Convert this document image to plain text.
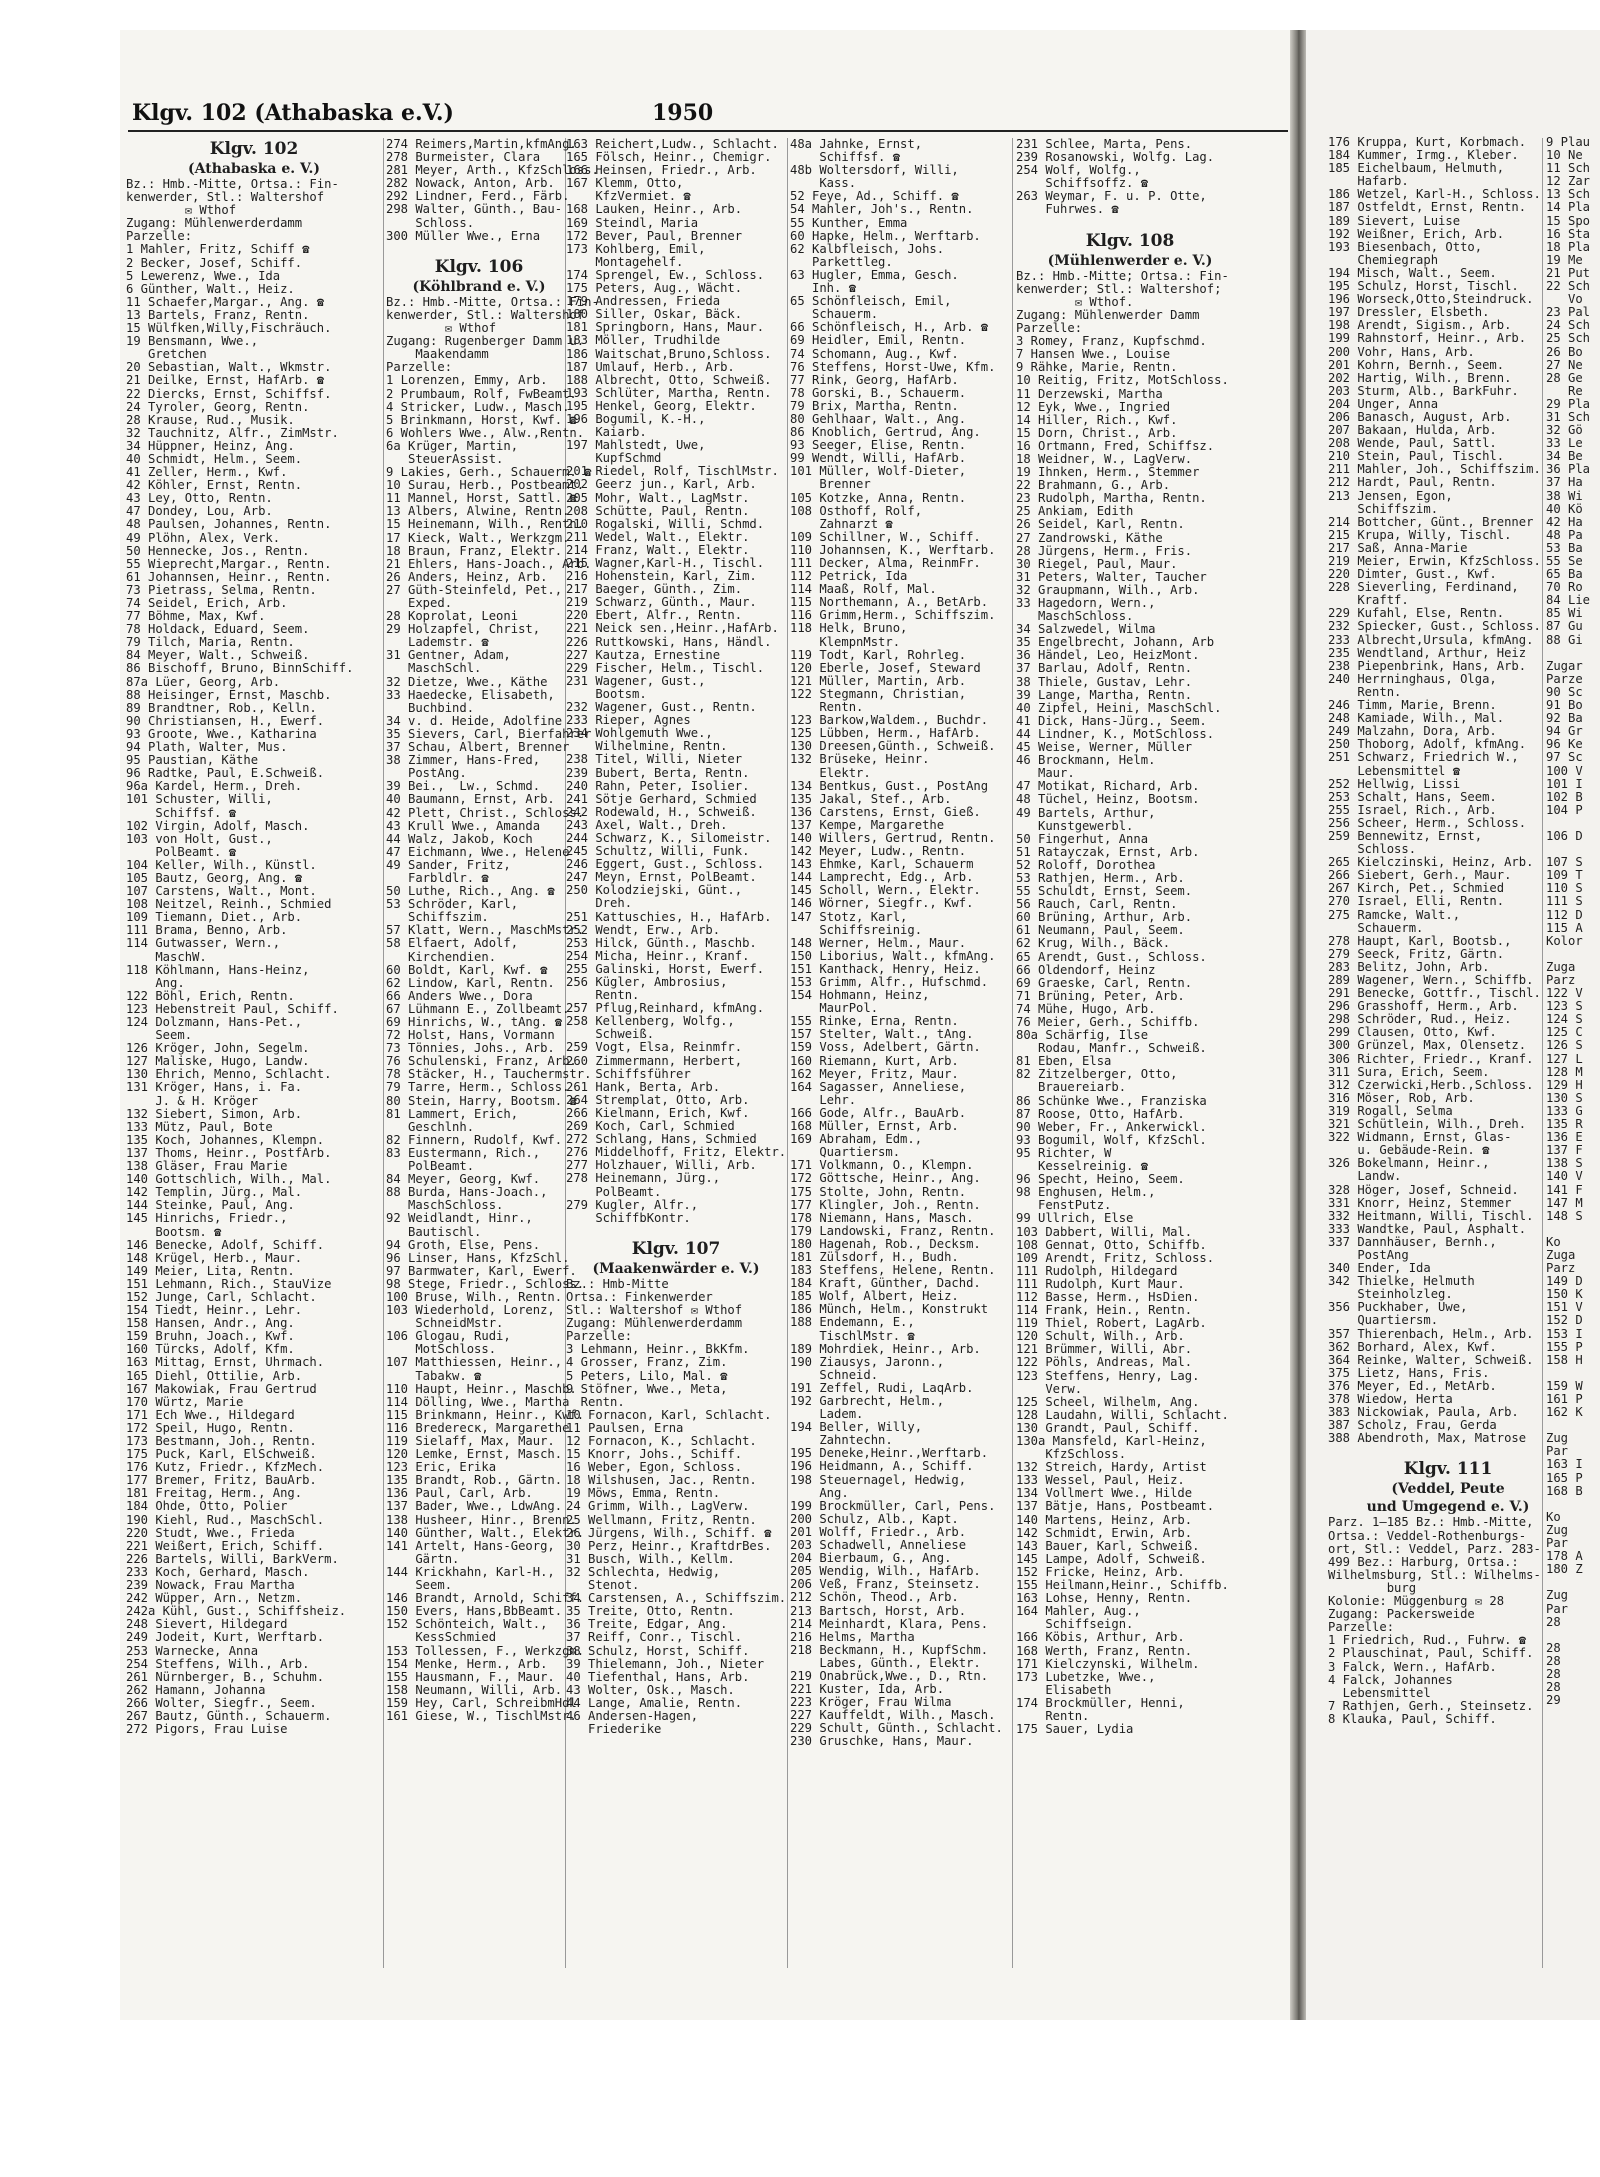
Klgv. 102 (Athabaska e.V.)	1950
Klgv. 102
(Athabaska e. V.)
Bz.: Hmb.-Mitte, Ortsa.: Fin-
kenwerder, Stl.: Waltershof
✉ Wthof
Zugang: Mühlenwerderdamm
Parzelle:
1 Mahler, Fritz, Schiff ☎
2 Becker, Josef, Schiff.
5 Lewerenz, Wwe., Ida
6 Günther, Walt., Heiz.
11 Schaefer,Margar., Ang. ☎
13 Bartels, Franz, Rentn.
15 Wülfken,Willy,Fischräuch.
19 Bensmann, Wwe.,
Gretchen
20 Sebastian, Walt., Wkmstr.
21 Deilke, Ernst, HafArb. ☎
22 Diercks, Ernst, Schiffsf.
24 Tyroler, Georg, Rentn.
28 Krause, Rud., Musik.
32 Tauchnitz, Alfr., ZimMstr.
34 Hüppner, Heinz, Ang.
40 Schmidt, Helm., Seem.
41 Zeller, Herm., Kwf.
42 Köhler, Ernst, Rentn.
43 Ley, Otto, Rentn.
47 Dondey, Lou, Arb.
48 Paulsen, Johannes, Rentn.
49 Plöhn, Alex, Verk.
50 Hennecke, Jos., Rentn.
55 Wieprecht,Margar., Rentn.
61 Johannsen, Heinr., Rentn.
73 Pietrass, Selma, Rentn.
74 Seidel, Erich, Arb.
77 Böhme, Max, Kwf.
78 Holdack, Eduard, Seem.
79 Tilch, Maria, Rentn.
84 Meyer, Walt., Schweiß.
86 Bischoff, Bruno, BinnSchiff.
87a Lüer, Georg, Arb.
88 Heisinger, Ernst, Maschb.
89 Brandtner, Rob., Kelln.
90 Christiansen, H., Ewerf.
93 Groote, Wwe., Katharina
94 Plath, Walter, Mus.
95 Paustian, Käthe
96 Radtke, Paul, E.Schweiß.
96a Kardel, Herm., Dreh.
101 Schuster, Willi,
Schiffsf. ☎
102 Virgin, Adolf, Masch.
103 von Holt, Gust.,
PolBeamt. ☎
104 Keller, Wilh., Künstl.
105 Bautz, Georg, Ang. ☎
107 Carstens, Walt., Mont.
108 Neitzel, Reinh., Schmied
109 Tiemann, Diet., Arb.
111 Brama, Benno, Arb.
114 Gutwasser, Wern.,
MaschW.
118 Köhlmann, Hans-Heinz,
Ang.
122 Böhl, Erich, Rentn.
123 Hebenstreit Paul, Schiff.
124 Dolzmann, Hans-Pet.,
Seem.
126 Kröger, John, Segelm.
127 Maliske, Hugo, Landw.
130 Ehrich, Menno, Schlacht.
131 Kröger, Hans, i. Fa.
J. & H. Kröger
132 Siebert, Simon, Arb.
133 Mütz, Paul, Bote
135 Koch, Johannes, Klempn.
137 Thoms, Heinr., PostfArb.
138 Gläser, Frau Marie
140 Gottschlich, Wilh., Mal.
142 Templin, Jürg., Mal.
144 Steinke, Paul, Ang.
145 Hinrichs, Friedr.,
Bootsm. ☎
146 Benecke, Adolf, Schiff.
148 Krügel, Herb., Maur.
149 Meier, Lita, Rentn.
151 Lehmann, Rich., StauVize
152 Junge, Carl, Schlacht.
154 Tiedt, Heinr., Lehr.
158 Hansen, Andr., Ang.
159 Bruhn, Joach., Kwf.
160 Türcks, Adolf, Kfm.
163 Mittag, Ernst, Uhrmach.
165 Diehl, Ottilie, Arb.
167 Makowiak, Frau Gertrud
170 Würtz, Marie
171 Ech Wwe., Hildegard
172 Speil, Hugo, Rentn.
173 Bestmann, Joh., Rentn.
175 Puck, Karl, ElSchweiß.
176 Kutz, Friedr., KfzMech.
177 Bremer, Fritz, BauArb.
181 Freitag, Herm., Ang.
184 Ohde, Otto, Polier
190 Kiehl, Rud., MaschSchl.
220 Studt, Wwe., Frieda
221 Weißert, Erich, Schiff.
226 Bartels, Willi, BarkVerm.
233 Koch, Gerhard, Masch.
239 Nowack, Frau Martha
242 Wüpper, Arn., Netzm.
242a Kühl, Gust., Schiffsheiz.
248 Sievert, Hildegard
249 Jodeit, Kurt, Werftarb.
253 Warnecke, Anna
254 Steffens, Wilh., Arb.
261 Nürnberger, B., Schuhm.
262 Hamann, Johanna
266 Wolter, Siegfr., Seem.
267 Bautz, Günth., Schauerm.
272 Pigors, Frau Luise
274 Reimers,Martin,kfmAng.
278 Burmeister, Clara
281 Meyer, Arth., KfzSchloss.
282 Nowack, Anton, Arb.
292 Lindner, Ferd., Färb.
298 Walter, Günth., Bau-
Schloss.
300 Müller Wwe., Erna

Klgv. 106
(Köhlbrand e. V.)
Bz.: Hmb.-Mitte, Ortsa.: Fin-
kenwerder, Stl.: Waltershof
✉ Wthof
Zugang: Rugenberger Damm u.
Maakendamm
Parzelle:
1 Lorenzen, Emmy, Arb.
2 Prumbaum, Rolf, FwBeamt.
4 Stricker, Ludw., Masch.
5 Brinkmann, Horst, Kwf. ☎
6 Wohlers Wwe., Alw.,Rentn.
6a Krüger, Martin,
SteuerAssist.
9 Lakies, Gerh., Schauerm. ☎
10 Surau, Herb., Postbeamt.
11 Mannel, Horst, Sattl. ☎
13 Albers, Alwine, Rentn.
15 Heinemann, Wilh., Rentn.
17 Kieck, Walt., Werkzgm.
18 Braun, Franz, Elektr.
21 Ehlers, Hans-Joach., Arb.
26 Anders, Heinz, Arb.
27 Güth-Steinfeld, Pet.,
Exped.
28 Koprolat, Leoni
29 Holzapfel, Christ,
Lademstr. ☎
31 Gentner, Adam,
MaschSchl.
32 Dietze, Wwe., Käthe
33 Haedecke, Elisabeth,
Buchbind.
34 v. d. Heide, Adolfine
35 Sievers, Carl, Bierfahrer
37 Schau, Albert, Brenner
38 Zimmer, Hans-Fred,
PostAng.
39 Bei.,  Lw., Schmd.
40 Baumann, Ernst, Arb.
42 Plett, Christ., Schloss.
43 Krull Wwe., Amanda
44 Walz, Jakob, Koch
47 Eichmann, Wwe., Helene
49 Sander, Fritz,
Farbldlr. ☎
50 Luthe, Rich., Ang. ☎
53 Schröder, Karl,
Schiffszim.
57 Klatt, Wern., MaschMstr.
58 Elfaert, Adolf,
Kirchendien.
60 Boldt, Karl, Kwf. ☎
62 Lindow, Karl, Rentn.
66 Anders Wwe., Dora
67 Lühmann E., Zollbeamt.
69 Hinrichs, W., tAng. ☎
72 Holst, Hans, Vormann
73 Tönnies, Johs., Arb.
76 Schulenski, Franz, Arb.
78 Stäcker, H., Tauchermstr.
79 Tarre, Herm., Schloss.
80 Stein, Harry, Bootsm. ☎
81 Lammert, Erich,
Geschlnh.
82 Finnern, Rudolf, Kwf.
83 Eustermann, Rich.,
PolBeamt.
84 Meyer, Georg, Kwf.
88 Burda, Hans-Joach.,
MaschSchloss.
92 Weidlandt, Hinr.,
Bautischl.
94 Groth, Else, Pens.
96 Linser, Hans, KfzSchl.
97 Barmwater, Karl, Ewerf.
98 Stege, Friedr., Schloss.
100 Bruse, Wilh., Rentn.
103 Wiederhold, Lorenz,
SchneidMstr.
106 Glogau, Rudi,
MotSchloss.
107 Matthiessen, Heinr.,
Tabakw. ☎
110 Haupt, Heinr., Maschb.
114 Dölling, Wwe., Martha
115 Brinkmann, Heinr., Kwf.
116 Brederecк, Margarethe
119 Sielaff, Max, Maur.
120 Lemke, Ernst, Masch.
123 Eric, Erika
135 Brandt, Rob., Gärtn.
136 Paul, Carl, Arb.
137 Bader, Wwe., LdwAng.
138 Husheer, Hinr., Brenn.
140 Günther, Walt., Elektr.
141 Artelt, Hans-Georg,
Gärtn.
144 Krickhahn, Karl-H.,
Seem.
146 Brandt, Arnold, Schiff.
150 Evers, Hans,BbBeamt.
152 Schönteich, Walt.,
KessSchmied
153 Tollessen, F., Werkzgm.
154 Menke, Herm., Arb.
155 Hausmann, F., Maur.
158 Neumann, Willi, Arb.
159 Hey, Carl, SchreibmHdl
161 Giese, W., TischlMstr.
163 Reichert,Ludw., Schlacht.
165 Fölsch, Heinr., Chemigr.
166 Heinsen, Friedr., Arb.
167 Klemm, Otto,
KfzVermiet. ☎
168 Lauken, Heinr., Arb.
169 Steindl, Maria
172 Bever, Paul, Brenner
173 Kohlberg, Emil,
Montagehelf.
174 Sprengel, Ew., Schloss.
175 Peters, Aug., Wächt.
179 Andressen, Frieda
180 Siller, Oskar, Bäck.
181 Springborn, Hans, Maur.
183 Möller, Trudhilde
186 Waitschat,Bruno,Schloss.
187 Umlauf, Herb., Arb.
188 Albrecht, Otto, Schweiß.
193 Schlüter, Martha, Rentn.
195 Henkel, Georg, Elektr.
196 Bogumil, K.-H.,
Kaiarb.
197 Mahlstedt, Uwe,
KupfSchmd
201 Riedel, Rolf, TischlMstr.
202 Geerz jun., Karl, Arb.
205 Mohr, Walt., LagMstr.
208 Schütte, Paul, Rentn.
210 Rogalski, Willi, Schmd.
211 Wedel, Walt., Elektr.
214 Franz, Walt., Elektr.
215 Wagner,Karl-H., Tischl.
216 Hohenstein, Karl, Zim.
217 Baeger, Günth., Zim.
219 Schwarz, Günth., Maur.
220 Ebert, Alfr., Rentn.
221 Neick sen.,Heinr.,HafArb.
226 Ruttkowski, Hans, Händl.
227 Kautza, Ernestine
229 Fischer, Helm., Tischl.
231 Wagener, Gust.,
Bootsm.
232 Wagener, Gust., Rentn.
233 Rieper, Agnes
234 Wohlgemuth Wwe.,
Wilhelmine, Rentn.
238 Titel, Willi, Nieter
239 Bubert, Berta, Rentn.
240 Rahn, Peter, Isolier.
241 Sötje Gerhard, Schmied
242 Rodewald, H., Schweiß.
243 Axel, Walt., Dreh.
244 Schwarz, K., Silomeistr.
245 Schultz, Willi, Funk.
246 Eggert, Gust., Schloss.
247 Meyn, Ernst, PolBeamt.
250 Kolodziejski, Günt.,
Dreh.
251 Kattuschies, H., HafArb.
252 Wendt, Erw., Arb.
253 Hilck, Günth., Maschb.
254 Micha, Heinr., Kranf.
255 Galinski, Horst, Ewerf.
256 Kügler, Ambrosius,
Rentn.
257 Pflug,Reinhard, kfmAng.
258 Kellenberg, Wolfg.,
Schweiß.
259 Vogt, Elsa, Reinmfr.
260 Zimmermann, Herbert,
Schiffsführer
261 Hank, Berta, Arb.
264 Stremplat, Otto, Arb.
266 Kielmann, Erich, Kwf.
269 Koch, Carl, Schmied
272 Schlang, Hans, Schmied
276 Middelhoff, Fritz, Elektr.
277 Holzhauer, Willi, Arb.
278 Heinemann, Jürg.,
PolBeamt.
279 Kugler, Alfr.,
SchiffbKontr.

Klgv. 107
(Maakenwärder e. V.)
Bz.: Hmb-Mitte
Ortsa.: Finkenwerder
Stl.: Waltershof ✉ Wthof
Zugang: Mühlenwerderdamm
Parzelle:
3 Lehmann, Heinr., BkKfm.
4 Grosser, Franz, Zim.
5 Peters, Lilo, Mal. ☎
9 Stöfner, Wwe., Meta,
Rentn.
10 Fornacon, Karl, Schlacht.
11 Paulsen, Erna
12 Fornacon, K., Schlacht.
15 Knorr, Johs., Schiff.
16 Weber, Egon, Schloss.
18 Wilshusen, Jac., Rentn.
19 Möws, Emma, Rentn.
24 Grimm, Wilh., LagVerw.
25 Wellmann, Fritz, Rentn.
26 Jürgens, Wilh., Schiff. ☎
30 Perz, Heinr., KraftdrBes.
31 Busch, Wilh., Kellm.
32 Schlechta, Hedwig,
Stenot.
34 Carstensen, A., Schiffszim.
35 Treite, Otto, Rentn.
36 Treite, Edgar, Ang.
37 Reiff, Conr., Tischl.
38 Schulz, Horst, Schiff.
39 Thielemann, Joh., Nieter
40 Tiefenthal, Hans, Arb.
43 Wolter, Osk., Masch.
44 Lange, Amalie, Rentn.
46 Andersen-Hagen,
Friederike
48a Jahnke, Ernst,
Schiffsf. ☎
48b Woltersdorf, Willi,
Kass.
52 Feye, Ad., Schiff. ☎
54 Mahler, Joh's., Rentn.
55 Kunther, Emma
60 Hapke, Helm., Werftarb.
62 Kalbfleisch, Johs.
Parkettleg.
63 Hugler, Emma, Gesch.
Inh. ☎
65 Schönfleisch, Emil,
Schauerm.
66 Schönfleisch, H., Arb. ☎
69 Heidler, Emil, Rentn.
74 Schomann, Aug., Kwf.
76 Steffens, Horst-Uwe, Kfm.
77 Rink, Georg, HafArb.
78 Gorski, B., Schauerm.
79 Brix, Martha, Rentn.
80 Gehlhaar, Walt., Ang.
86 Knoblich, Gertrud, Ang.
93 Seeger, Elise, Rentn.
99 Wendt, Willi, HafArb.
101 Müller, Wolf-Dieter,
Brenner
105 Kotzke, Anna, Rentn.
108 Osthoff, Rolf,
Zahnarzt ☎
109 Schillner, W., Schiff.
110 Johannsen, K., Werftarb.
111 Decker, Alma, ReinmFr.
112 Petrick, Ida
114 Maaß, Rolf, Mal.
115 Northemann, A., BetArb.
116 Grimm,Herm., Schiffszim.
118 Helk, Bruno,
KlempnMstr.
119 Todt, Karl, Rohrleg.
120 Eberle, Josef, Steward
121 Müller, Martin, Arb.
122 Stegmann, Christian,
Rentn.
123 Barkow,Waldem., Buchdr.
125 Lübben, Herm., HafArb.
130 Dreesen,Günth., Schweiß.
132 Brüseke, Heinr.
Elektr.
134 Bentkus, Gust., PostAng
135 Jakal, Stef., Arb.
136 Carstens, Ernst, Gieß.
137 Kempe, Margarethe
140 Willers, Gertrud, Rentn.
142 Meyer, Ludw., Rentn.
143 Ehmke, Karl, Schauerm
144 Lamprecht, Edg., Arb.
145 Scholl, Wern., Elektr.
146 Wörner, Siegfr., Kwf.
147 Stotz, Karl,
Schiffsreinig.
148 Werner, Helm., Maur.
150 Liborius, Walt., kfmAng.
151 Kanthack, Henry, Heiz.
153 Grimm, Alfr., Hufschmd.
154 Hohmann, Heinz,
MaurPol.
155 Rinke, Erna, Rentn.
157 Stelter, Walt., tAng.
159 Voss, Adelbert, Gärtn.
160 Riemann, Kurt, Arb.
162 Meyer, Fritz, Maur.
164 Sagasser, Anneliese,
Lehr.
166 Gode, Alfr., BauArb.
168 Müller, Ernst, Arb.
169 Abraham, Edm.,
Quartiersm.
171 Volkmann, O., Klempn.
172 Göttsche, Heinr., Ang.
175 Stolte, John, Rentn.
177 Klingler, Joh., Rentn.
178 Niemann, Hans, Masch.
179 Landowski, Franz, Rentn.
180 Hagenah, Rob., Decksm.
181 Zülsdorf, H., Budh.
183 Steffens, Helene, Rentn.
184 Kraft, Günther, Dachd.
185 Wolf, Albert, Heiz.
186 Münch, Helm., Konstrukt
188 Endemann, E.,
TischlMstr. ☎
189 Mohrdiek, Heinr., Arb.
190 Ziausys, Jaronn.,
Schneid.
191 Zeffel, Rudi, LaqArb.
192 Garbrecht, Helm.,
Ladem.
194 Beller, Willy,
Zahntechn.
195 Deneke,Heinr.,Werftarb.
196 Heidmann, A., Schiff.
198 Steuernagel, Hedwig,
Ang.
199 Brockmüller, Carl, Pens.
200 Schulz, Alb., Kapt.
201 Wolff, Friedr., Arb.
203 Schadwell, Anneliese
204 Bierbaum, G., Ang.
205 Wendig, Wilh., HafArb.
206 Veß, Franz, Steinsetz.
212 Schön, Theod., Arb.
213 Bartsch, Horst, Arb.
214 Meinhardt, Klara, Pens.
216 Helms, Martha
218 Beckmann, H., KupfSchm.
Labes, Günth., Elektr.
219 Onabrück,Wwe., D., Rtn.
221 Kuster, Ida, Arb.
223 Kröger, Frau Wilma
227 Kauffeldt, Wilh., Masch.
229 Schult, Günth., Schlacht.
230 Gruschke, Hans, Maur.
231 Schlee, Marta, Pens.
239 Rosanowski, Wolfg. Lag.
254 Wolf, Wolfg.,
Schiffsoffz. ☎
263 Weymar, F. u. P. Otte,
Fuhrwes. ☎

Klgv. 108
(Mühlenwerder e. V.)
Bz.: Hmb.-Mitte; Ortsa.: Fin-
kenwerder; Stl.: Waltershof;
✉ Wthof.
Zugang: Mühlenwerder Damm
Parzelle:
3 Romey, Franz, Kupfschmd.
7 Hansen Wwe., Louise
9 Rähke, Marie, Rentn.
10 Reitig, Fritz, MotSchloss.
11 Derzewski, Martha
12 Eyk, Wwe., Ingried
14 Hiller, Rich., Kwf.
15 Dorn, Christ., Arb.
16 Ortmann, Fred, Schiffsz.
18 Weidner, W., LagVerw.
19 Ihnken, Herm., Stemmer
22 Brahmann, G., Arb.
23 Rudolph, Martha, Rentn.
25 Ankiam, Edith
26 Seidel, Karl, Rentn.
27 Zandrowski, Käthe
28 Jürgens, Herm., Fris.
30 Riegel, Paul, Maur.
31 Peters, Walter, Taucher
32 Graupmann, Wilh., Arb.
33 Hagedorn, Wern.,
MaschSchloss.
34 Salzwedel, Wilma
35 Engelbrecht, Johann, Arb
36 Händel, Leo, HeizMont.
37 Barlau, Adolf, Rentn.
38 Thiele, Gustav, Lehr.
39 Lange, Martha, Rentn.
40 Zipfel, Heini, MaschSchl.
41 Dick, Hans-Jürg., Seem.
44 Lindner, K., MotSchloss.
45 Weise, Werner, Müller
46 Brockmann, Helm.
Maur.
47 Motikat, Richard, Arb.
48 Tüchel, Heinz, Bootsm.
49 Bartels, Arthur,
Kunstgewerbl.
50 Fingerhut, Anna
51 Ratayczak, Ernst, Arb.
52 Roloff, Dorothea
53 Rathjen, Herm., Arb.
55 Schuldt, Ernst, Seem.
56 Rauch, Carl, Rentn.
60 Brüning, Arthur, Arb.
61 Neumann, Paul, Seem.
62 Krug, Wilh., Bäck.
65 Arendt, Gust., Schloss.
66 Oldendorf, Heinz
69 Graeske, Carl, Rentn.
71 Brüning, Peter, Arb.
74 Mühe, Hugo, Arb.
76 Meier, Gerh., Schiffb.
80a Schärfig, Ilse
Rodau, Manfr., Schweiß.
81 Eben, Elsa
82 Zitzelberger, Otto,
Brauereiarb.
86 Schünke Wwe., Franziska
87 Roose, Otto, HafArb.
90 Weber, Fr., Ankerwickl.
93 Bogumil, Wolf, KfzSchl.
95 Richter, W
Kesselreinig. ☎
96 Specht, Heino, Seem.
98 Enghusen, Helm.,
FenstPutz.
99 Ullrich, Else
103 Dabbert, Willi, Mal.
108 Gennat, Otto, Schiffb.
109 Arendt, Fritz, Schloss.
111 Rudolph, Hildegard
111 Rudolph, Kurt Maur.
112 Basse, Herm., HsDien.
114 Frank, Hein., Rentn.
119 Thiel, Robert, LagArb.
120 Schult, Wilh., Arb.
121 Brümmer, Willi, Abr.
122 Pöhls, Andreas, Mal.
123 Steffens, Henry, Lag.
Verw.
125 Scheel, Wilhelm, Ang.
128 Laudahn, Willi, Schlacht.
130 Grandt, Paul, Schiff.
130a Mansfeld, Karl-Heinz,
KfzSchloss.
132 Streich, Hardy, Artist
133 Wessel, Paul, Heiz.
134 Vollmert Wwe., Hilde
137 Bätje, Hans, Postbeamt.
140 Martens, Heinz, Arb.
142 Schmidt, Erwin, Arb.
143 Bauer, Karl, Schweiß.
145 Lampe, Adolf, Schweiß.
152 Fricke, Heinz, Arb.
155 Heilmann,Heinr., Schiffb.
163 Lohse, Henny, Rentn.
164 Mahler, Aug.,
Schiffseign.
166 Köbis, Arthur, Arb.
168 Werth, Franz, Rentn.
171 Kielczynski, Wilhelm.
173 Lubetzke, Wwe.,
Elisabeth
174 Brockmüller, Henni,
Rentn.
175 Sauer, Lydia
176 Kruppa, Kurt, Korbmach.
184 Kummer, Irmg., Kleber.
185 Eichelbaum, Helmuth,
Hafarb.
186 Wetzel, Karl-H., Schloss.
187 Ostfeldt, Ernst, Rentn.
189 Sievert, Luise
192 Weißner, Erich, Arb.
193 Biesenbach, Otto,
Chemiegraph
194 Misch, Walt., Seem.
195 Schulz, Horst, Tischl.
196 Worseck,Otto,Steindruck.
197 Dressler, Elsbeth.
198 Arendt, Sigism., Arb.
199 Rahnstorf, Heinr., Arb.
200 Vohr, Hans, Arb.
201 Kohrn, Bernh., Seem.
202 Hartig, Wilh., Brenn.
203 Sturm, Alb., BarkFuhr.
204 Unger, Anna
206 Banasch, August, Arb.
207 Bakaan, Hulda, Arb.
208 Wende, Paul, Sattl.
210 Stein, Paul, Tischl.
211 Mahler, Joh., Schiffszim.
212 Hardt, Paul, Rentn.
213 Jensen, Egon,
Schiffszim.
214 Bottcher, Günt., Brenner
215 Krupa, Willy, Tischl.
217 Saß, Anna-Marie
219 Meier, Erwin, KfzSchloss.
220 Dimter, Gust., Kwf.
228 Sieverling, Ferdinand,
Kraftf.
229 Kufahl, Else, Rentn.
232 Spiecker, Gust., Schloss.
233 Albrecht,Ursula, kfmAng.
235 Wendtland, Arthur, Heiz
238 Piepenbrink, Hans, Arb.
240 Herrninghaus, Olga,
Rentn.
246 Timm, Marie, Brenn.
248 Kamiade, Wilh., Mal.
249 Malzahn, Dora, Arb.
250 Thoborg, Adolf, kfmAng.
251 Schwarz, Friedrich W.,
Lebensmittel ☎
252 Hellwig, Lissi
253 Schalt, Hans, Seem.
255 Israel, Rich., Arb.
256 Scheer, Herm., Schloss.
259 Bennewitz, Ernst,
Schloss.
265 Kielczinski, Heinz, Arb.
266 Siebert, Gerh., Maur.
267 Kirch, Pet., Schmied
270 Israel, Elli, Rentn.
275 Ramcke, Walt.,
Schauerm.
278 Haupt, Karl, Bootsb.,
279 Seeck, Fritz, Gärtn.
283 Belitz, John, Arb.
289 Wagener, Wern., Schiffb.
291 Benecke, Gottfr., Tischl.
296 Grasshoff, Herm., Arb.
298 Schröder, Rud., Heiz.
299 Clausen, Otto, Kwf.
300 Grünzel, Max, Olensetz.
306 Richter, Friedr., Kranf.
311 Sura, Erich, Seem.
312 Czerwicki,Herb.,Schloss.
316 Möser, Rob, Arb.
319 Rogall, Selma
321 Schütlein, Wilh., Dreh.
322 Widmann, Ernst, Glas-
u. Gebäude-Rein. ☎
326 Bokelmann, Heinr.,
Landw.
328 Höger, Josef, Schneid.
331 Knorr, Heinz, Stemmer
332 Heitmann, Willi, Tischl.
333 Wandtke, Paul, Asphalt.
337 Dannhäuser, Bernh.,
PostAng
340 Ender, Ida
342 Thielke, Helmuth
Steinholzleg.
356 Puckhaber, Uwe,
Quartiersm.
357 Thierenbach, Helm., Arb.
362 Borhard, Alex, Kwf.
364 Reinke, Walter, Schweiß.
375 Lietz, Hans, Fris.
376 Meyer, Ed., MetArb.
378 Wiedow, Herta
383 Nickowiak, Paula, Arb.
387 Scholz, Frau, Gerda
388 Abendroth, Max, Matrose

Klgv. 111
(Veddel, Peute
und Umgegend e. V.)
Parz. 1—185 Bz.: Hmb.-Mitte,
Ortsa.: Veddel-Rothenburgs-
ort, Stl.: Veddel, Parz. 283-
499 Bez.: Harburg, Ortsa.:
Wilhelmsburg, Stl.: Wilhelms-
burg
Kolonie: Müggenburg ✉ 28
Zugang: Packersweide
Parzelle:
1 Friedrich, Rud., Fuhrw. ☎
2 Plauschinat, Paul, Schiff.
3 Falck, Wern., HafArb.
4 Falck, Johannes
Lebensmittel
7 Rathjen, Gerh., Steinsetz.
8 Klauka, Paul, Schiff.
9 Plau
10 Ne
11 Sch
12 Zar
13 Sch
14 Pla
15 Spo
16 Sta
18 Pla
19 Me
21 Put
22 Sch
Vo
23 Pal
24 Sch
25 Sch
26 Bo
27 Ne
28 Ge
Re
29 Pla
31 Sch
32 Gö
33 Le
34 Be
36 Pla
37 Ha
38 Wi
40 Kö
42 Ha
48 Pa
53 Ba
55 Se
65 Ba
70 Ro
84 Lie
85 Wi
87 Gu
88 Gi

Zugar
Parze
90 Sc
91 Bo
92 Ba
94 Gr
96 Ke
97 Sc
100 V
101 I
102 B
104 P

106 D

107 S
109 T
110 S
111 S
112 D
115 A
Kolor

Zuga
Parz
122 V
123 S
124 S
125 C
126 S
127 L
128 M
129 H
130 S
133 G
135 R
136 E
137 F
138 S
140 V
141 F
147 M
148 S

Ko
Zuga
Parz
149 D
150 K
151 V
152 D
153 I
155 P
158 H

159 W
161 P
162 K

Zug
Par
163 I
165 P
168 B

Ko
Zug
Par
178 A
180 Z

Zug
Par
28

28
28
28
28
29
